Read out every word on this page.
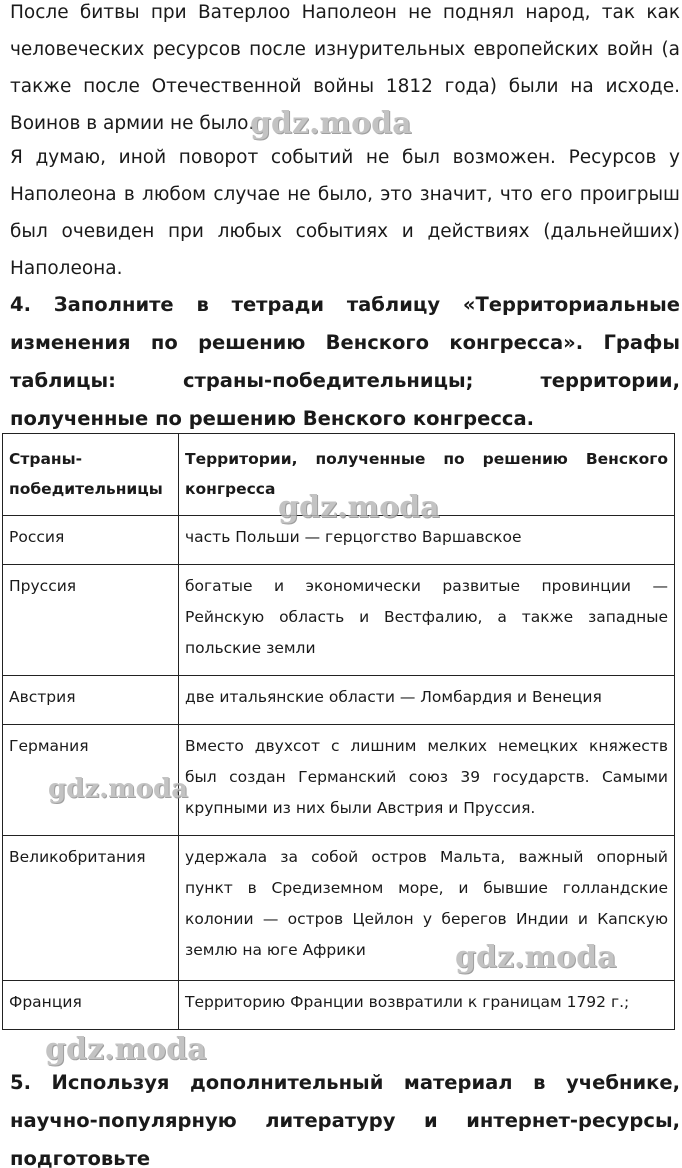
После битвы при Ватерлоо Наполеон не поднял народ, так как человеческих ресурсов после изнурительных европейских войн (а также после Отечественной войны 1812 года) были на исходе. Воинов в армии не было.

Я думаю, иной поворот событий не был возможен. Ресурсов у Наполеона в любом случае не было, это значит, что его проигрыш был очевиден при любых событиях и действиях (дальнейших) Наполеона.

4. Заполните в тетради таблицу «Территориальные изменения по решению Венского конгресса». Графы таблицы: страны-победительницы; территории, полученные по решению Венского конгресса.

Страны-победительницы	Территории, полученные по решению Венского конгресса
Россия	часть Польши — герцогство Варшавское
Пруссия	богатые и экономически развитые провинции — Рейнскую область и Вестфалию, а также западные польские земли
Австрия	две итальянские области — Ломбардия и Венеция
Германия	Вместо двухсот с лишним мелких немецких княжеств был создан Германский союз 39 государств. Самыми крупными из них были Австрия и Пруссия.
Великобритания	удержала за собой остров Мальта, важный опорный пункт в Средиземном море, и бывшие голландские колонии — остров Цейлон у берегов Индии и Капскую землю на юге Африки
Франция	Территорию Франции возвратили к границам 1792 г.;

5. Используя дополнительный материал в учебнике, научно-популярную литературу и интернет-ресурсы, подготовьте

gdz.moda
gdz.moda
gdz.moda
gdz.moda
gdz.moda
